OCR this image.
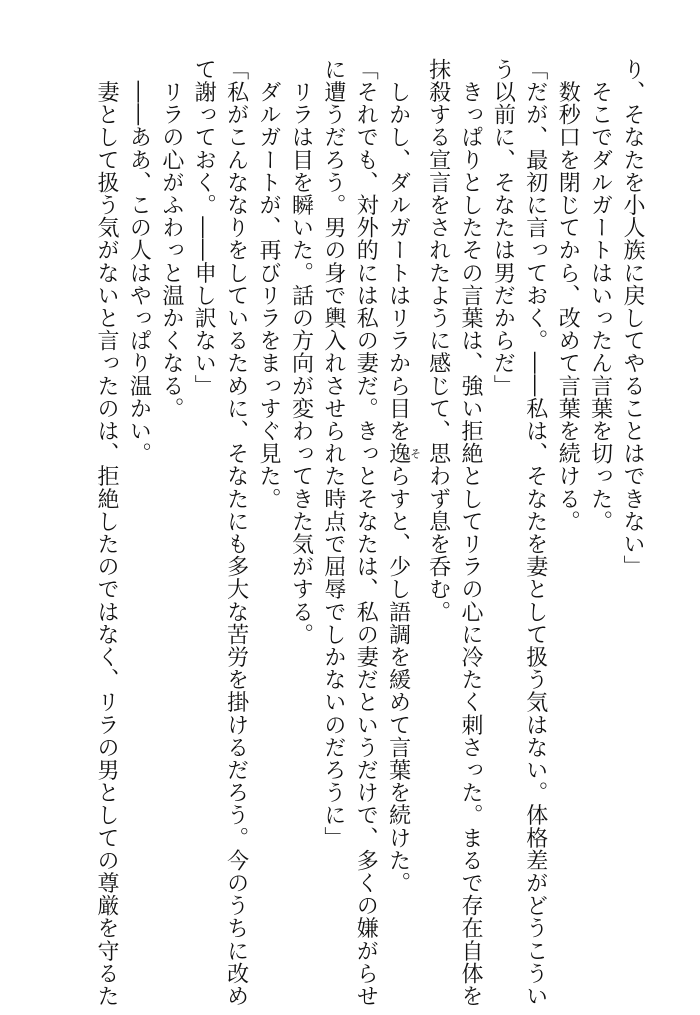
り、そなたを小人族に戻してやることはできない」
　そこでダルガートはいったん言葉を切った。
　数秒口を閉じてから、改めて言葉を続ける。
「だが、最初に言っておく。――私は、そなたを妻として扱う気はない。体格差がどうこうい
う以前に、そなたは男だからだ」
　きっぱりとしたその言葉は、強い拒絶としてリラの心に冷たく刺さった。まるで存在自体を
抹殺する宣言をされたように感じて、思わず息を呑む。
　しかし、ダルガートはリラから目を逸そらすと、少し語調を緩めて言葉を続けた。
「それでも、対外的には私の妻だ。きっとそなたは、私の妻だというだけで、多くの嫌がらせ
に遭うだろう。男の身で輿入れさせられた時点で屈辱でしかないのだろうに」
　リラは目を瞬いた。話の方向が変わってきた気がする。
　ダルガートが、再びリラをまっすぐ見た。
「私がこんななりをしているために、そなたにも多大な苦労を掛けるだろう。今のうちに改め
て謝っておく。――申し訳ない」
　リラの心がふわっと温かくなる。
　――ああ、この人はやっぱり温かい。
　妻として扱う気がないと言ったのは、拒絶したのではなく、リラの男としての尊厳を守るた
